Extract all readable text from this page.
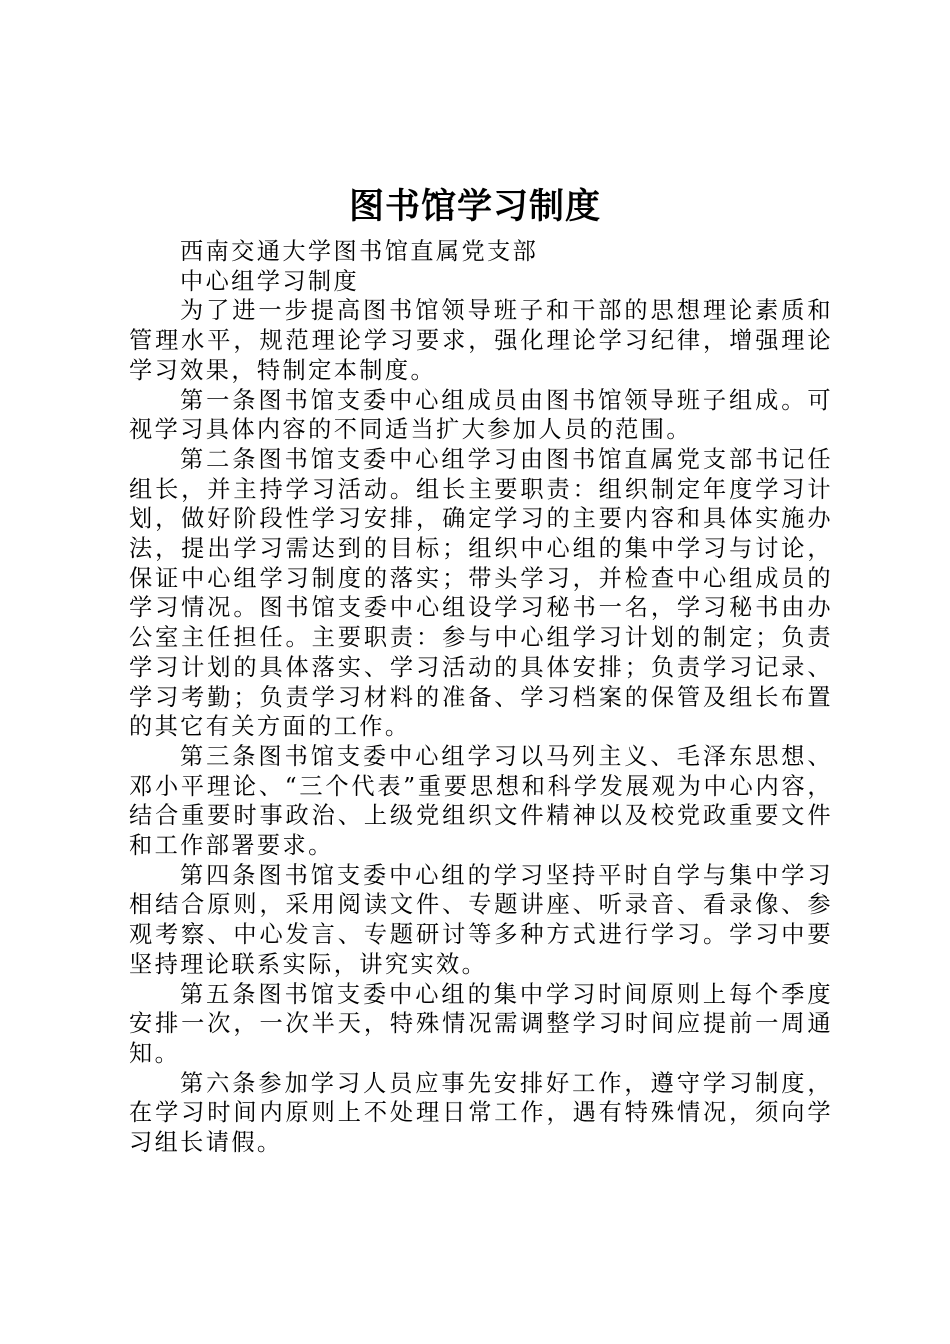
图书馆学习制度

西南交通大学图书馆直属党支部

中心组学习制度

为了进一步提高图书馆领导班子和干部的思想理论素质和管理水平，规范理论学习要求，强化理论学习纪律，增强理论学习效果，特制定本制度。

第一条图书馆支委中心组成员由图书馆领导班子组成。可视学习具体内容的不同适当扩大参加人员的范围。

第二条图书馆支委中心组学习由图书馆直属党支部书记任组长，并主持学习活动。组长主要职责：组织制定年度学习计划，做好阶段性学习安排，确定学习的主要内容和具体实施办法，提出学习需达到的目标；组织中心组的集中学习与讨论，保证中心组学习制度的落实；带头学习，并检查中心组成员的学习情况。图书馆支委中心组设学习秘书一名，学习秘书由办公室主任担任。主要职责：参与中心组学习计划的制定；负责学习计划的具体落实、学习活动的具体安排；负责学习记录、学习考勤；负责学习材料的准备、学习档案的保管及组长布置的其它有关方面的工作。

第三条图书馆支委中心组学习以马列主义、毛泽东思想、邓小平理论、“三个代表”重要思想和科学发展观为中心内容，结合重要时事政治、上级党组织文件精神以及校党政重要文件和工作部署要求。

第四条图书馆支委中心组的学习坚持平时自学与集中学习相结合原则，采用阅读文件、专题讲座、听录音、看录像、参观考察、中心发言、专题研讨等多种方式进行学习。学习中要坚持理论联系实际，讲究实效。

第五条图书馆支委中心组的集中学习时间原则上每个季度安排一次，一次半天，特殊情况需调整学习时间应提前一周通知。

第六条参加学习人员应事先安排好工作，遵守学习制度，在学习时间内原则上不处理日常工作，遇有特殊情况，须向学习组长请假。
